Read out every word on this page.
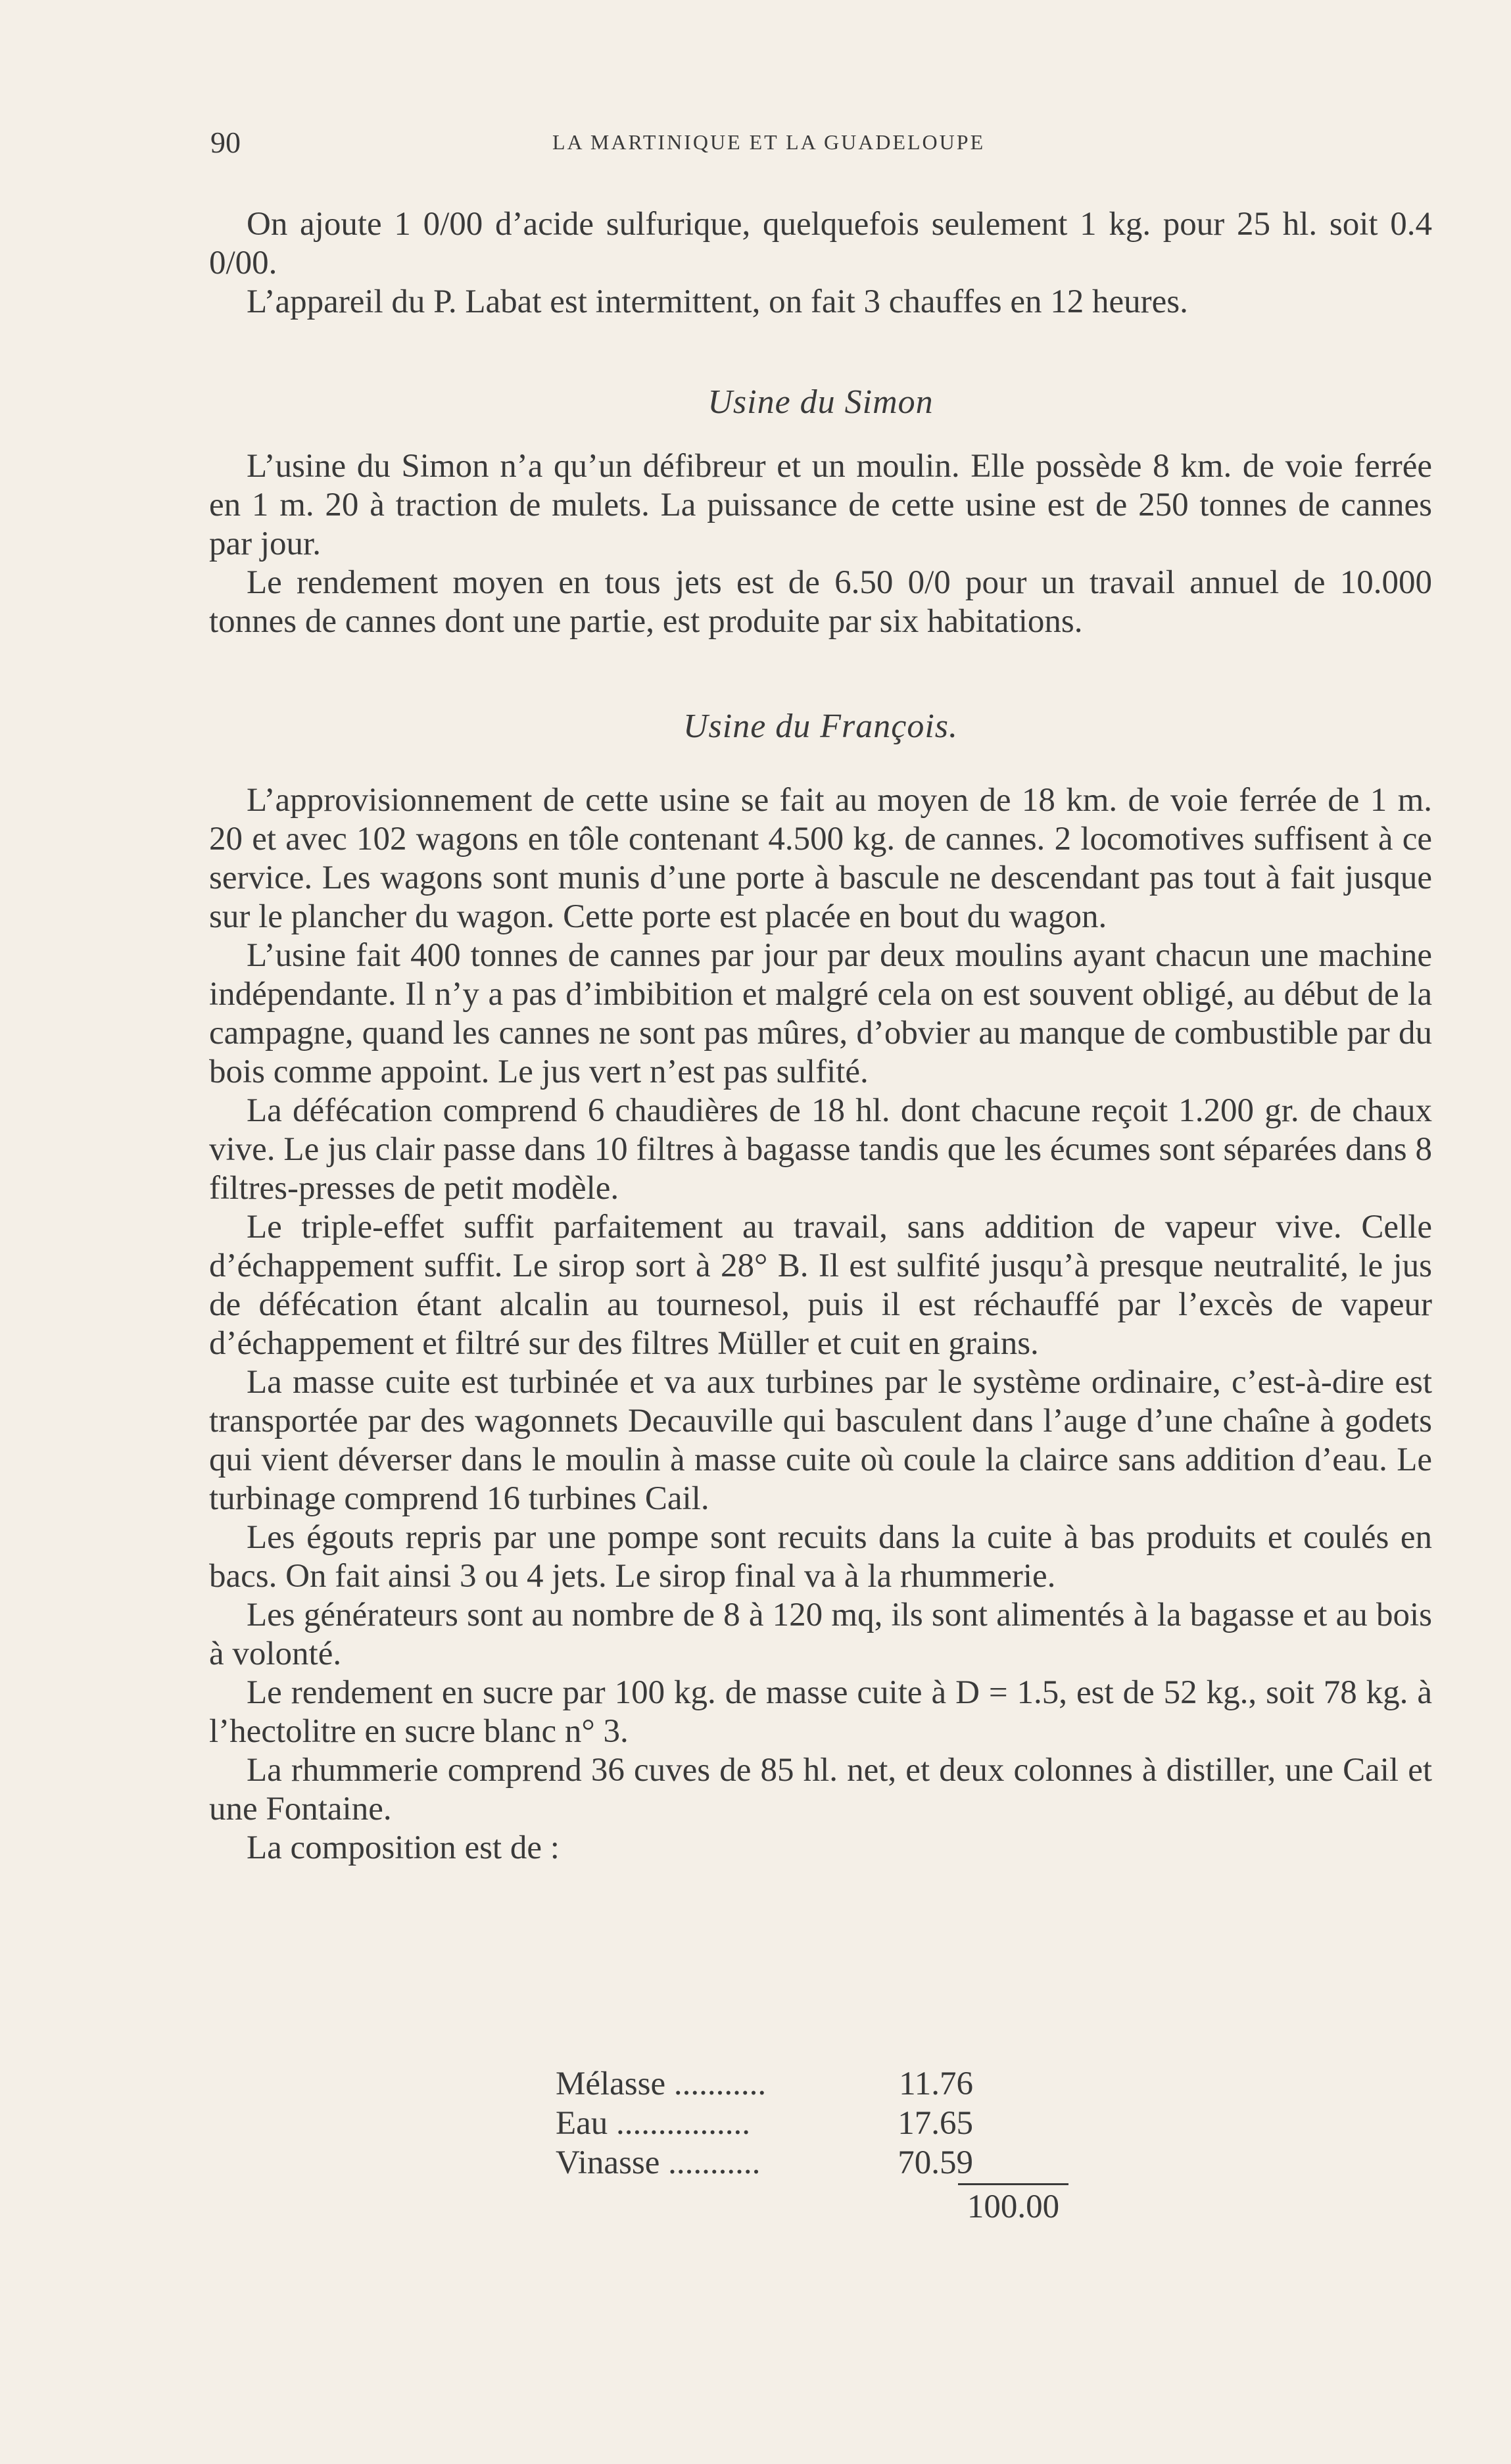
90	LA MARTINIQUE ET LA GUADELOUPE

On ajoute 1 0/00 d’acide sulfurique, quelquefois seulement 1 kg. pour 25 hl. soit 0.4 0/00.

L’appareil du P. Labat est intermittent, on fait 3 chauffes en 12 heures.

Usine du Simon

L’usine du Simon n’a qu’un défibreur et un moulin. Elle possède 8 km. de voie ferrée en 1 m. 20 à traction de mulets. La puissance de cette usine est de 250 tonnes de cannes par jour.

Le rendement moyen en tous jets est de 6.50 0/0 pour un travail annuel de 10.000 tonnes de cannes dont une partie, est produite par six habitations.

Usine du François.

L’approvisionnement de cette usine se fait au moyen de 18 km. de voie ferrée de 1 m. 20 et avec 102 wagons en tôle contenant 4.500 kg. de cannes. 2 locomotives suffisent à ce service. Les wagons sont munis d’une porte à bascule ne descendant pas tout à fait jusque sur le plancher du wagon. Cette porte est placée en bout du wagon.

L’usine fait 400 tonnes de cannes par jour par deux moulins ayant chacun une machine indépendante. Il n’y a pas d’imbibition et malgré cela on est souvent obligé, au début de la campagne, quand les cannes ne sont pas mûres, d’obvier au manque de combustible par du bois comme appoint. Le jus vert n’est pas sulfité.

La défécation comprend 6 chaudières de 18 hl. dont chacune reçoit 1.200 gr. de chaux vive. Le jus clair passe dans 10 filtres à bagasse tandis que les écumes sont séparées dans 8 filtres-presses de petit modèle.

Le triple-effet suffit parfaitement au travail, sans addition de vapeur vive. Celle d’échappement suffit. Le sirop sort à 28° B. Il est sulfité jusqu’à presque neutralité, le jus de défécation étant alcalin au tournesol, puis il est réchauffé par l’excès de vapeur d’échappement et filtré sur des filtres Müller et cuit en grains.

La masse cuite est turbinée et va aux turbines par le système ordinaire, c’est-à-dire est transportée par des wagonnets Decauville qui basculent dans l’auge d’une chaîne à godets qui vient déverser dans le moulin à masse cuite où coule la clairce sans addition d’eau. Le turbinage comprend 16 turbines Cail.

Les égouts repris par une pompe sont recuits dans la cuite à bas produits et coulés en bacs. On fait ainsi 3 ou 4 jets. Le sirop final va à la rhummerie.

Les générateurs sont au nombre de 8 à 120 mq, ils sont alimentés à la bagasse et au bois à volonté.

Le rendement en sucre par 100 kg. de masse cuite à D = 1.5, est de 52 kg., soit 78 kg. à l’hectolitre en sucre blanc n° 3.

La rhummerie comprend 36 cuves de 85 hl. net, et deux colonnes à distiller, une Cail et une Fontaine.

La composition est de :

Mélasse ...........	11.76
Eau ................	17.65
Vinasse ...........	70.59
100.00
